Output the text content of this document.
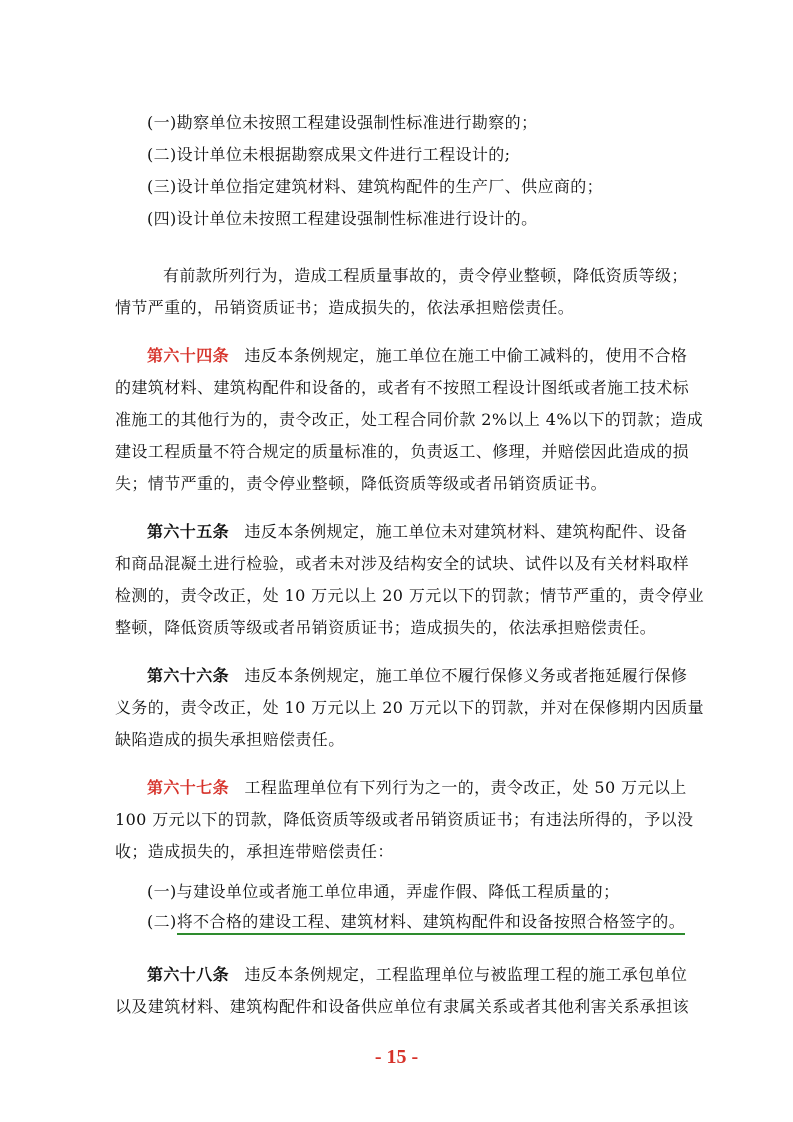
(一)勘察单位未按照工程建设强制性标准进行勘察的；
(二)设计单位未根据勘察成果文件进行工程设计的;
(三)设计单位指定建筑材料、建筑构配件的生产厂、供应商的；
(四)设计单位未按照工程建设强制性标准进行设计的。
有前款所列行为，造成工程质量事故的，责令停业整顿，降低资质等级；
情节严重的，吊销资质证书；造成损失的，依法承担赔偿责任。
第六十四条 违反本条例规定，施工单位在施工中偷工减料的，使用不合格
的建筑材料、建筑构配件和设备的，或者有不按照工程设计图纸或者施工技术标
准施工的其他行为的，责令改正，处工程合同价款 2%以上 4%以下的罚款；造成
建设工程质量不符合规定的质量标准的，负责返工、修理，并赔偿因此造成的损
失；情节严重的，责令停业整顿，降低资质等级或者吊销资质证书。
第六十五条 违反本条例规定，施工单位未对建筑材料、建筑构配件、设备
和商品混凝土进行检验，或者未对涉及结构安全的试块、试件以及有关材料取样
检测的，责令改正，处 10 万元以上 20 万元以下的罚款；情节严重的，责令停业
整顿，降低资质等级或者吊销资质证书；造成损失的，依法承担赔偿责任。
第六十六条 违反本条例规定，施工单位不履行保修义务或者拖延履行保修
义务的，责令改正，处 10 万元以上 20 万元以下的罚款，并对在保修期内因质量
缺陷造成的损失承担赔偿责任。
第六十七条 工程监理单位有下列行为之一的，责令改正，处 50 万元以上
100 万元以下的罚款，降低资质等级或者吊销资质证书；有违法所得的，予以没
收；造成损失的，承担连带赔偿责任：
(一)与建设单位或者施工单位串通，弄虚作假、降低工程质量的；
(二)将不合格的建设工程、建筑材料、建筑构配件和设备按照合格签字的。
第六十八条 违反本条例规定，工程监理单位与被监理工程的施工承包单位
以及建筑材料、建筑构配件和设备供应单位有隶属关系或者其他利害关系承担该
- 15 -
